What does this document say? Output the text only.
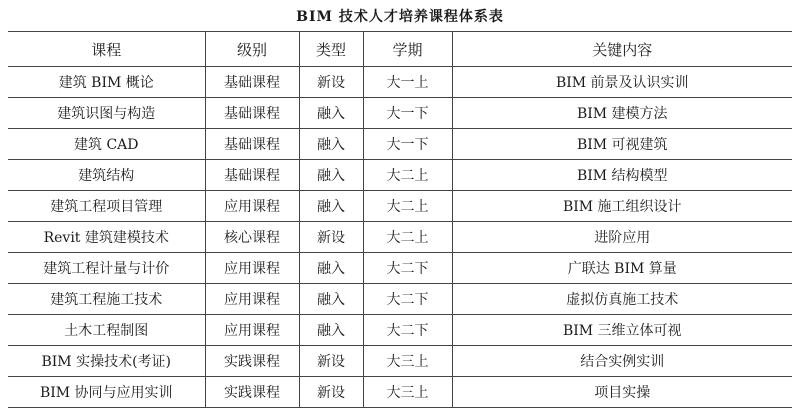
BIM 技术人才培养课程体系表
课程	级别	类型	学期	关键内容
建筑 BIM 概论	基础课程	新设	大一上	BIM 前景及认识实训
建筑识图与构造	基础课程	融入	大一下	BIM 建模方法
建筑 CAD	基础课程	融入	大一下	BIM 可视建筑
建筑结构	基础课程	融入	大二上	BIM 结构模型
建筑工程项目管理	应用课程	融入	大二上	BIM 施工组织设计
Revit 建筑建模技术	核心课程	新设	大二上	进阶应用
建筑工程计量与计价	应用课程	融入	大二下	广联达 BIM 算量
建筑工程施工技术	应用课程	融入	大二下	虚拟仿真施工技术
土木工程制图	应用课程	融入	大二下	BIM 三维立体可视
BIM 实操技术(考证)	实践课程	新设	大三上	结合实例实训
BIM 协同与应用实训	实践课程	新设	大三上	项目实操
